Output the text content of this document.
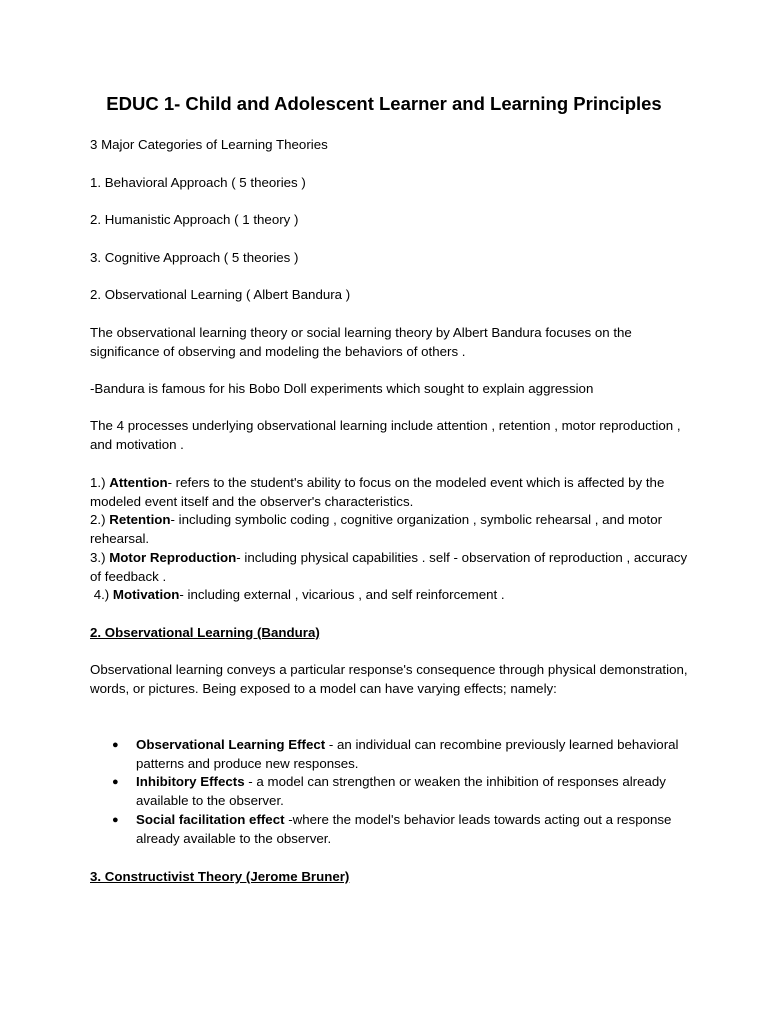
EDUC 1- Child and Adolescent Learner and Learning Principles

3 Major Categories of Learning Theories

1. Behavioral Approach ( 5 theories )

2. Humanistic Approach ( 1 theory )

3. Cognitive Approach ( 5 theories )

2. Observational Learning ( Albert Bandura )

The observational learning theory or social learning theory by Albert Bandura focuses on the significance of observing and modeling the behaviors of others .

-Bandura is famous for his Bobo Doll experiments which sought to explain aggression

The 4 processes underlying observational learning include attention , retention , motor reproduction , and motivation .

1.) Attention- refers to the student's ability to focus on the modeled event which is affected by the modeled event itself and the observer's characteristics.

2.) Retention- including symbolic coding , cognitive organization , symbolic rehearsal , and motor rehearsal.

3.) Motor Reproduction- including physical capabilities . self - observation of reproduction , accuracy of feedback .

4.) Motivation- including external , vicarious , and self reinforcement .

2. Observational Learning (Bandura)

Observational learning conveys a particular response's consequence through physical demonstration,

words, or pictures. Being exposed to a model can have varying effects; namely:

● Observational Learning Effect - an individual can recombine previously learned behavioral patterns and produce new responses.
● Inhibitory Effects - a model can strengthen or weaken the inhibition of responses already available to the observer.
● Social facilitation effect -where the model's behavior leads towards acting out a response already available to the observer.

3. Constructivist Theory (Jerome Bruner)
